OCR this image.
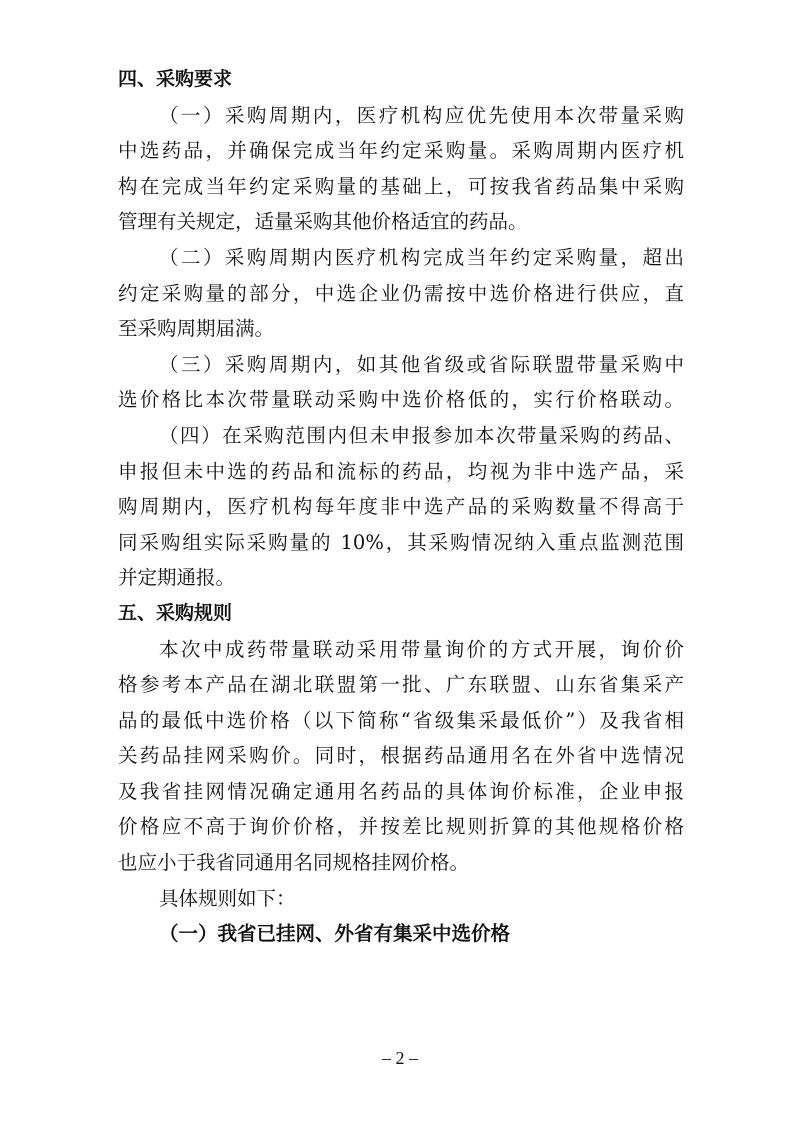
四、采购要求
（一）采购周期内，医疗机构应优先使用本次带量采购
中选药品，并确保完成当年约定采购量。采购周期内医疗机
构在完成当年约定采购量的基础上，可按我省药品集中采购
管理有关规定，适量采购其他价格适宜的药品。
（二）采购周期内医疗机构完成当年约定采购量，超出
约定采购量的部分，中选企业仍需按中选价格进行供应，直
至采购周期届满。
（三）采购周期内，如其他省级或省际联盟带量采购中
选价格比本次带量联动采购中选价格低的，实行价格联动。
（四）在采购范围内但未申报参加本次带量采购的药品、
申报但未中选的药品和流标的药品，均视为非中选产品，采
购周期内，医疗机构每年度非中选产品的采购数量不得高于
同采购组实际采购量的 10%，其采购情况纳入重点监测范围
并定期通报。
五、采购规则
本次中成药带量联动采用带量询价的方式开展，询价价
格参考本产品在湖北联盟第一批、广东联盟、山东省集采产
品的最低中选价格（以下简称“省级集采最低价”）及我省相
关药品挂网采购价。同时，根据药品通用名在外省中选情况
及我省挂网情况确定通用名药品的具体询价标准，企业申报
价格应不高于询价价格，并按差比规则折算的其他规格价格
也应小于我省同通用名同规格挂网价格。
具体规则如下：
（一）我省已挂网、外省有集采中选价格
– 2 –
